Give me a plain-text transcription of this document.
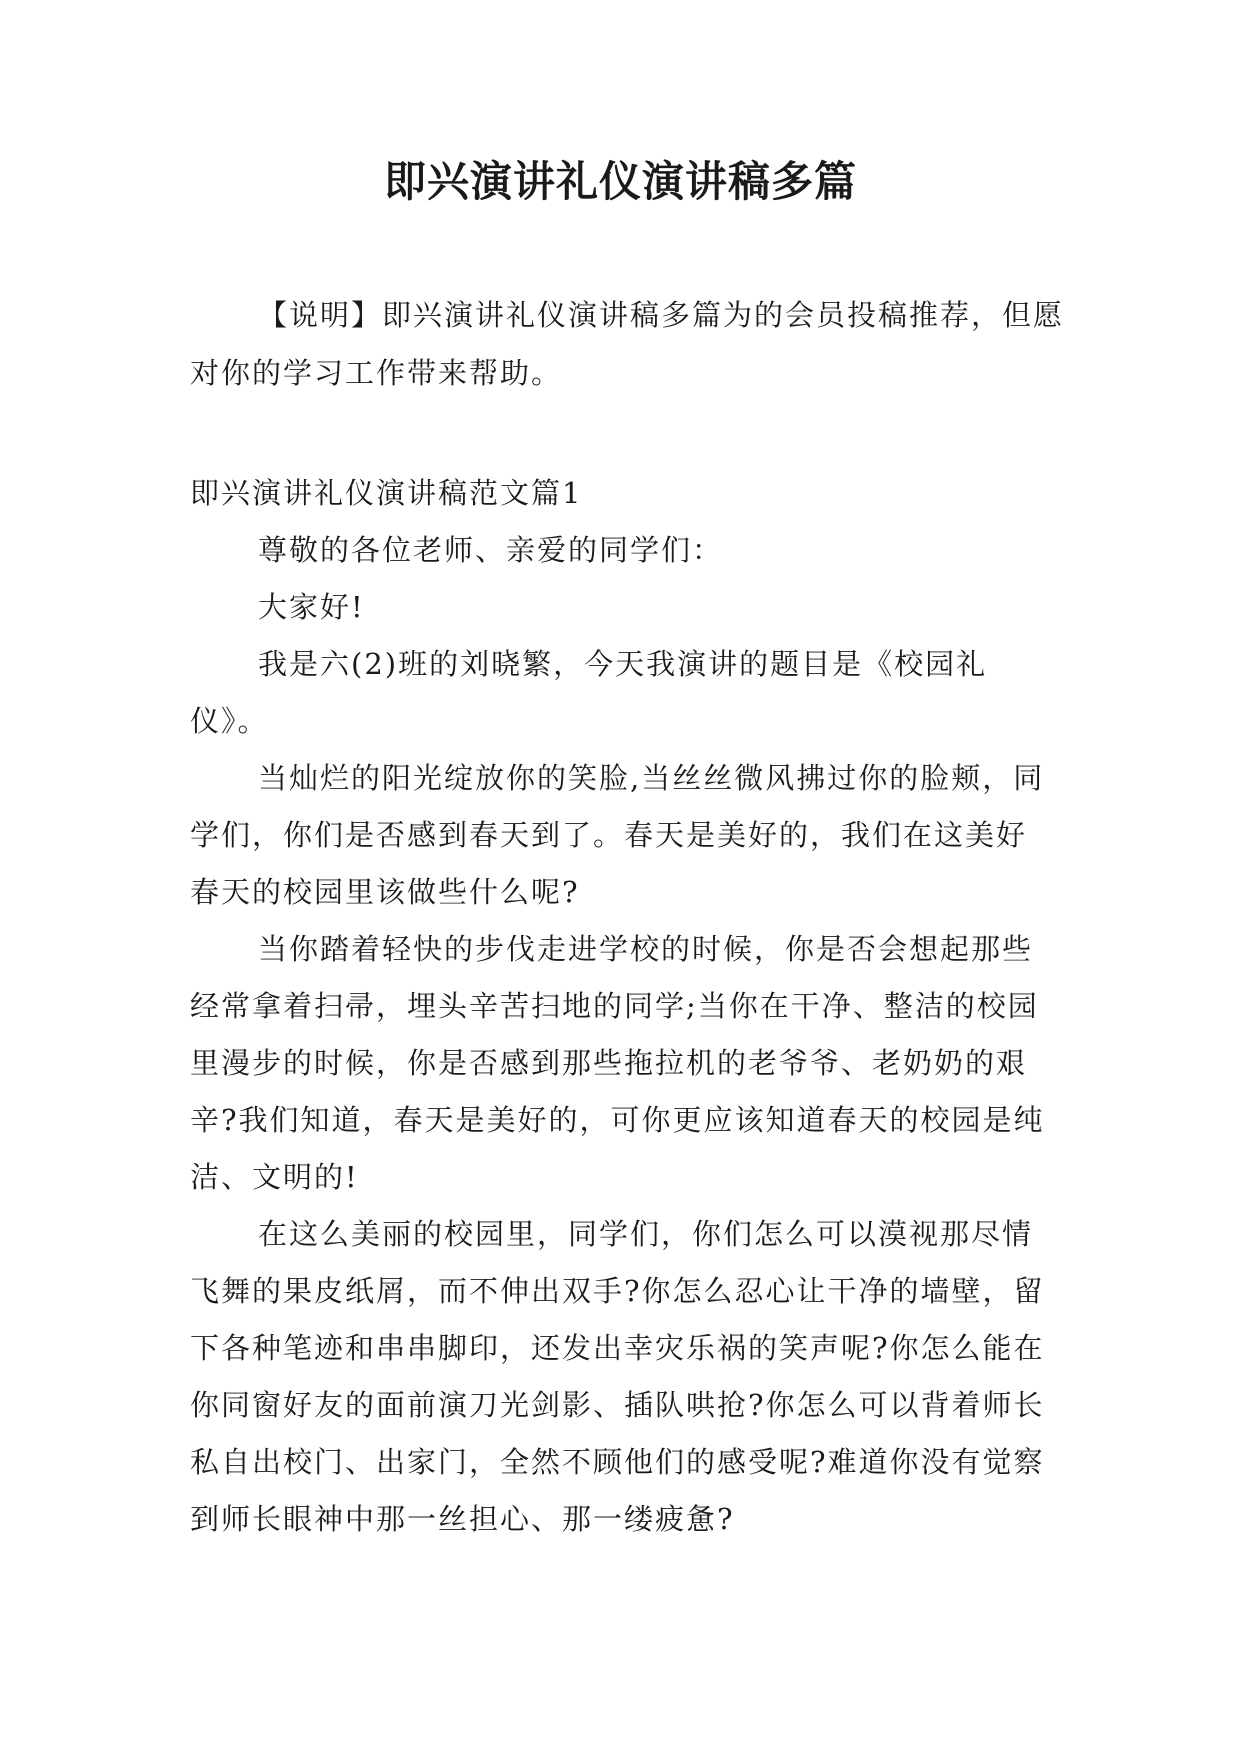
即兴演讲礼仪演讲稿多篇

【说明】即兴演讲礼仪演讲稿多篇为的会员投稿推荐，但愿对你的学习工作带来帮助。

即兴演讲礼仪演讲稿范文篇1

尊敬的各位老师、亲爱的同学们：

大家好!

我是六(2)班的刘晓繁，今天我演讲的题目是《校园礼仪》。

当灿烂的阳光绽放你的笑脸,当丝丝微风拂过你的脸颊，同学们，你们是否感到春天到了。春天是美好的，我们在这美好春天的校园里该做些什么呢?

当你踏着轻快的步伐走进学校的时候，你是否会想起那些经常拿着扫帚，埋头辛苦扫地的同学;当你在干净、整洁的校园里漫步的时候，你是否感到那些拖拉机的老爷爷、老奶奶的艰辛?我们知道，春天是美好的，可你更应该知道春天的校园是纯洁、文明的!

在这么美丽的校园里，同学们，你们怎么可以漠视那尽情飞舞的果皮纸屑，而不伸出双手?你怎么忍心让干净的墙壁，留下各种笔迹和串串脚印，还发出幸灾乐祸的笑声呢?你怎么能在你同窗好友的面前演刀光剑影、插队哄抢?你怎么可以背着师长私自出校门、出家门，全然不顾他们的感受呢?难道你没有觉察到师长眼神中那一丝担心、那一缕疲惫?
